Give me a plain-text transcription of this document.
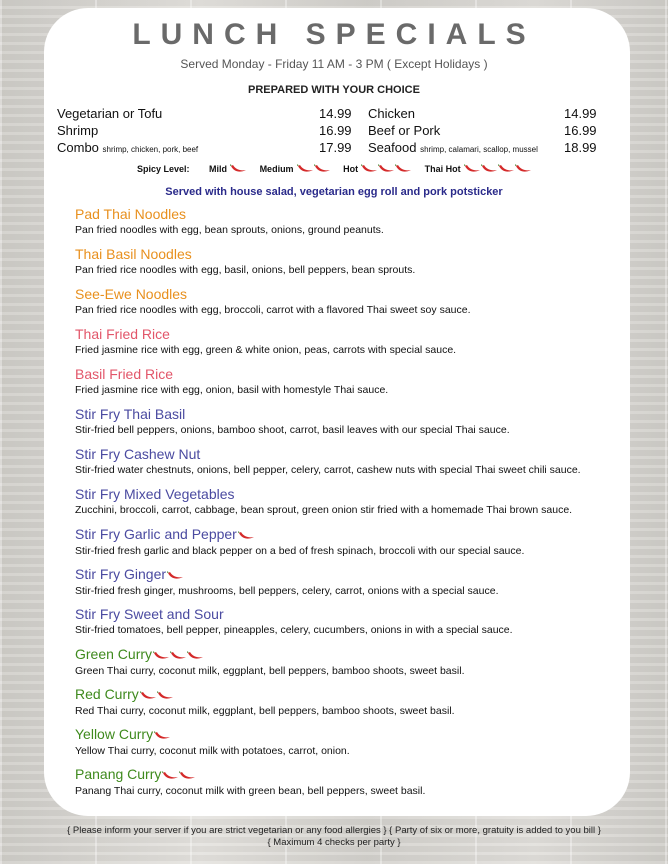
LUNCH SPECIALS
Served Monday - Friday 11 AM - 3 PM ( Except Holidays )
PREPARED WITH YOUR CHOICE
Vegetarian or Tofu	14.99 Chicken	14.99
Shrimp	16.99 Beef or Pork	16.99
Combo shrimp, chicken, pork, beef	17.99 Seafood shrimp, calamari, scallop, mussel 18.99
Spicy Level: Mild	Medium	Hot	Thai Hot
Served with house salad, vegetarian egg roll and pork potsticker
Pad Thai Noodles
Pan fried noodles with egg, bean sprouts, onions, ground peanuts.
Thai Basil Noodles
Pan fried rice noodles with egg, basil, onions, bell peppers, bean sprouts.
See-Ewe Noodles
Pan fried rice noodles with egg, broccoli, carrot with a flavored Thai sweet soy sauce.
Thai Fried Rice
Fried jasmine rice with egg, green & white onion, peas, carrots with special sauce.
Basil Fried Rice
Fried jasmine rice with egg, onion, basil with homestyle Thai sauce.
Stir Fry Thai Basil
Stir-fried bell peppers, onions, bamboo shoot, carrot, basil leaves with our special Thai sauce.
Stir Fry Cashew Nut
Stir-fried water chestnuts, onions, bell pepper, celery, carrot, cashew nuts with special Thai sweet chili sauce.
Stir Fry Mixed Vegetables
Zucchini, broccoli, carrot, cabbage, bean sprout, green onion stir fried with a homemade Thai brown sauce.
Stir Fry Garlic and Pepper
Stir-fried fresh garlic and black pepper on a bed of fresh spinach, broccoli with our special sauce.
Stir Fry Ginger
Stir-fried fresh ginger, mushrooms, bell peppers, celery, carrot, onions with a special sauce.
Stir Fry Sweet and Sour
Stir-fried tomatoes, bell pepper, pineapples, celery, cucumbers, onions in with a special sauce.
Green Curry
Green Thai curry, coconut milk, eggplant, bell peppers, bamboo shoots, sweet basil.
Red Curry
Red Thai curry, coconut milk, eggplant, bell peppers, bamboo shoots, sweet basil.
Yellow Curry
Yellow Thai curry, coconut milk with potatoes, carrot, onion.
Panang Curry
Panang Thai curry, coconut milk with green bean, bell peppers, sweet basil.
{ Please inform your server if you are strict vegetarian or any food allergies } { Party of six or more, gratuity is added to you bill }
{ Maximum 4 checks per party }
